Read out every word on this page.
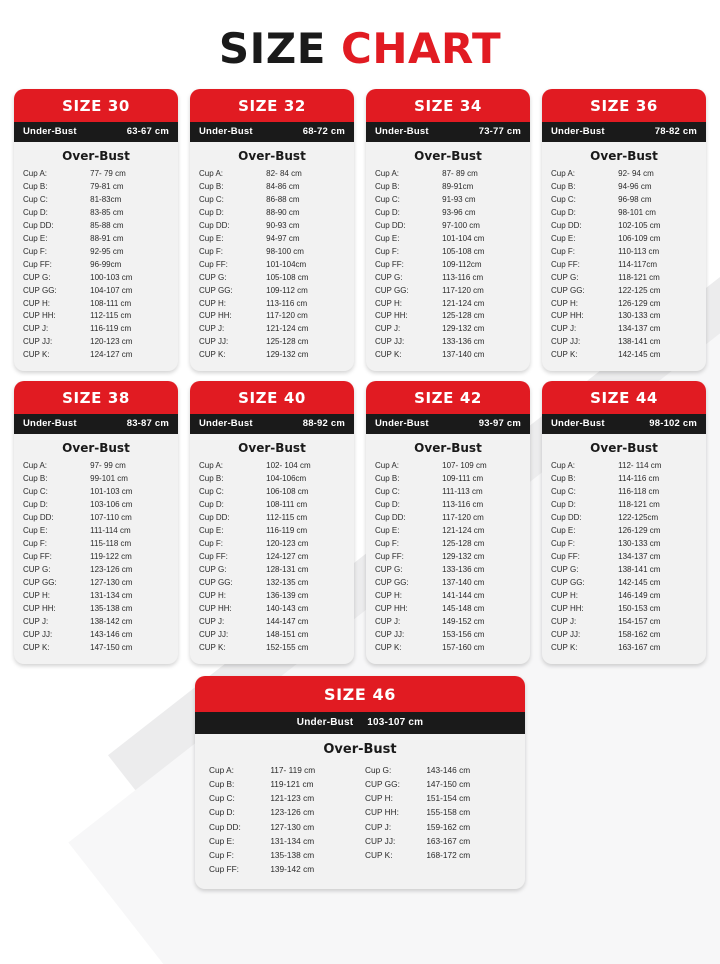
SIZE CHART
SIZE 30
Under-Bust	63-67 cm
Over-Bust
Cup A:	77- 79 cm
Cup B:	79-81 cm
Cup C:	81-83cm
Cup D:	83-85 cm
Cup DD:	85-88 cm
Cup E:	88-91 cm
Cup F:	92-95 cm
Cup FF:	96-99cm
CUP G:	100-103 cm
CUP GG:	104-107 cm
CUP H:	108-111 cm
CUP HH:	112-115 cm
CUP J:	116-119 cm
CUP JJ:	120-123 cm
CUP K:	124-127 cm
SIZE 32
Under-Bust	68-72 cm
Over-Bust
Cup A:	82- 84 cm
Cup B:	84-86 cm
Cup C:	86-88 cm
Cup D:	88-90 cm
Cup DD:	90-93 cm
Cup E:	94-97 cm
Cup F:	98-100 cm
Cup FF:	101-104cm
CUP G:	105-108 cm
CUP GG:	109-112 cm
CUP H:	113-116 cm
CUP HH:	117-120 cm
CUP J:	121-124 cm
CUP JJ:	125-128 cm
CUP K:	129-132 cm
SIZE 34
Under-Bust	73-77 cm
Over-Bust
Cup A:	87- 89 cm
Cup B:	89-91cm
Cup C:	91-93 cm
Cup D:	93-96 cm
Cup DD:	97-100 cm
Cup E:	101-104 cm
Cup F:	105-108 cm
Cup FF:	109-112cm
CUP G:	113-116 cm
CUP GG:	117-120 cm
CUP H:	121-124 cm
CUP HH:	125-128 cm
CUP J:	129-132 cm
CUP JJ:	133-136 cm
CUP K:	137-140 cm
SIZE 36
Under-Bust	78-82 cm
Over-Bust
Cup A:	92- 94 cm
Cup B:	94-96 cm
Cup C:	96-98 cm
Cup D:	98-101 cm
Cup DD:	102-105 cm
Cup E:	106-109 cm
Cup F:	110-113 cm
Cup FF:	114-117cm
CUP G:	118-121 cm
CUP GG:	122-125 cm
CUP H:	126-129 cm
CUP HH:	130-133 cm
CUP J:	134-137 cm
CUP JJ:	138-141 cm
CUP K:	142-145 cm
SIZE 38
Under-Bust	83-87 cm
Over-Bust
Cup A:	97- 99 cm
Cup B:	99-101 cm
Cup C:	101-103 cm
Cup D:	103-106 cm
Cup DD:	107-110 cm
Cup E:	111-114 cm
Cup F:	115-118 cm
Cup FF:	119-122 cm
CUP G:	123-126 cm
CUP GG:	127-130 cm
CUP H:	131-134 cm
CUP HH:	135-138 cm
CUP J:	138-142 cm
CUP JJ:	143-146 cm
CUP K:	147-150 cm
SIZE 40
Under-Bust	88-92 cm
Over-Bust
Cup A:	102- 104 cm
Cup B:	104-106cm
Cup C:	106-108 cm
Cup D:	108-111 cm
Cup DD:	112-115 cm
Cup E:	116-119 cm
Cup F:	120-123 cm
Cup FF:	124-127 cm
CUP G:	128-131 cm
CUP GG:	132-135 cm
CUP H:	136-139 cm
CUP HH:	140-143 cm
CUP J:	144-147 cm
CUP JJ:	148-151 cm
CUP K:	152-155 cm
SIZE 42
Under-Bust	93-97 cm
Over-Bust
Cup A:	107- 109 cm
Cup B:	109-111 cm
Cup C:	111-113 cm
Cup D:	113-116 cm
Cup DD:	117-120 cm
Cup E:	121-124 cm
Cup F:	125-128 cm
Cup FF:	129-132 cm
CUP G:	133-136 cm
CUP GG:	137-140 cm
CUP H:	141-144 cm
CUP HH:	145-148 cm
CUP J:	149-152 cm
CUP JJ:	153-156 cm
CUP K:	157-160 cm
SIZE 44
Under-Bust	98-102 cm
Over-Bust
Cup A:	112- 114 cm
Cup B:	114-116 cm
Cup C:	116-118 cm
Cup D:	118-121 cm
Cup DD:	122-125cm
Cup E:	126-129 cm
Cup F:	130-133 cm
Cup FF:	134-137 cm
CUP G:	138-141 cm
CUP GG:	142-145 cm
CUP H:	146-149 cm
CUP HH:	150-153 cm
CUP J:	154-157 cm
CUP JJ:	158-162 cm
CUP K:	163-167 cm
SIZE 46
Under-Bust 103-107 cm
Over-Bust
Cup A:	117- 119 cm
Cup B:	119-121 cm
Cup C:	121-123 cm
Cup D:	123-126 cm
Cup DD:	127-130 cm
Cup E:	131-134 cm
Cup F:	135-138 cm
Cup FF:	139-142 cm
Cup G:	143-146 cm
CUP GG:	147-150 cm
CUP H:	151-154 cm
CUP HH:	155-158 cm
CUP J:	159-162 cm
CUP JJ:	163-167 cm
CUP K:	168-172 cm
